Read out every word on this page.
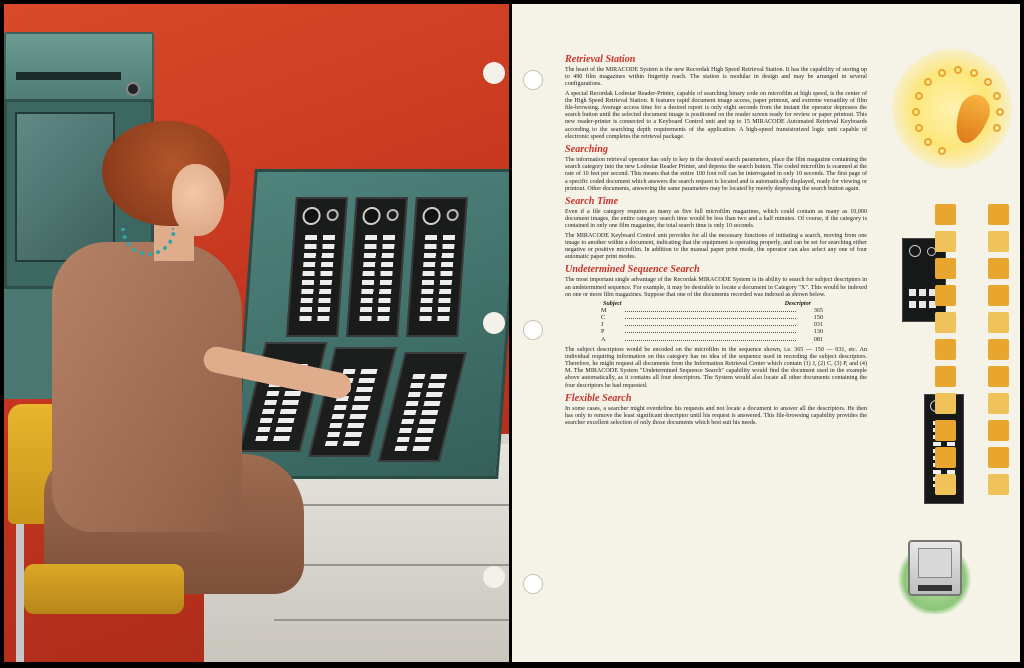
Retrieval Station

The heart of the MIRACODE System is the new Recordak High Speed Retrieval Station. It has the capability of storing up to 490 film magazines within fingertip reach. The station is modular in design and may be arranged in several configurations.

A special Recordak Lodestar Reader-Printer, capable of searching binary code on microfilm at high speed, is the center of the High Speed Retrieval Station. It features rapid document image access, paper printout, and extreme versatility of film file-browsing. Average access time for a desired report is only eight seconds from the instant the operator depresses the search button until the selected document image is positioned on the reader screen ready for review or paper printout. This new reader-printer is connected to a Keyboard Control unit and up to 15 MIRACODE Automated Retrieval Keyboards according to the searching depth requirements of the application. A high-speed transistorized logic unit capable of electronic speed completes the retrieval package.

Searching

The information retrieval operator has only to key in the desired search parameters, place the film magazine containing the search category into the new Lodestar Reader Printer, and depress the search button. The coded microfilm is scanned at the rate of 10 feet per second. This means that the entire 100 foot roll can be interrogated in only 10 seconds. The first page of a specific coded document which answers the search request is located and is automatically displayed, ready for viewing or printout. Other documents, answering the same parameters may be located by merely depressing the search button again.

Search Time

Even if a file category requires as many as five full microfilm magazines, which could contain as many as 10,000 document images, the entire category search time would be less than two and a half minutes. Of course, if the category is contained in only one film magazine, the total search time is only 10 seconds.

The MIRACODE Keyboard Control unit provides for all the necessary functions of initiating a search, moving from one image to another within a document, indicating that the equipment is operating properly, and can be set for searching either negative or positive microfilm. In addition to the manual paper print mode, the operator can also select any one of four automatic paper print modes.

Undetermined Sequence Search

The most important single advantage of the Recordak MIRACODE System is its ability to search for subject descriptors in an undetermined sequence. For example, it may be desirable to locate a document in Category "X". This would be indexed on one or more film magazines. Suppose that one of the documents recorded was indexed as shown below.

Subject	Descriptor
M	365
C	150
J	031
P	130
A	081

The subject descriptors would be encoded on the microfilm in the sequence shown, i.e. 365 — 150 — 031, etc. An individual requiring information on this category has no idea of the sequence used in recording the subject descriptors. Therefore, he might request all documents from the Information Retrieval Center which contain (1) J, (2) C, (3) P, and (4) M. The MIRACODE System "Undetermined Sequence Search" capability would find the document used in the example above automatically, as it contains all four descriptors. The System would also locate all other documents containing the four descriptors he had requested.

Flexible Search

In some cases, a searcher might overdefine his requests and not locate a document to answer all the descriptors. He then has only to remove the least significant descriptor until his request is answered. This file-browsing capability provides the searcher excellent selection of only those documents which best suit his needs.
